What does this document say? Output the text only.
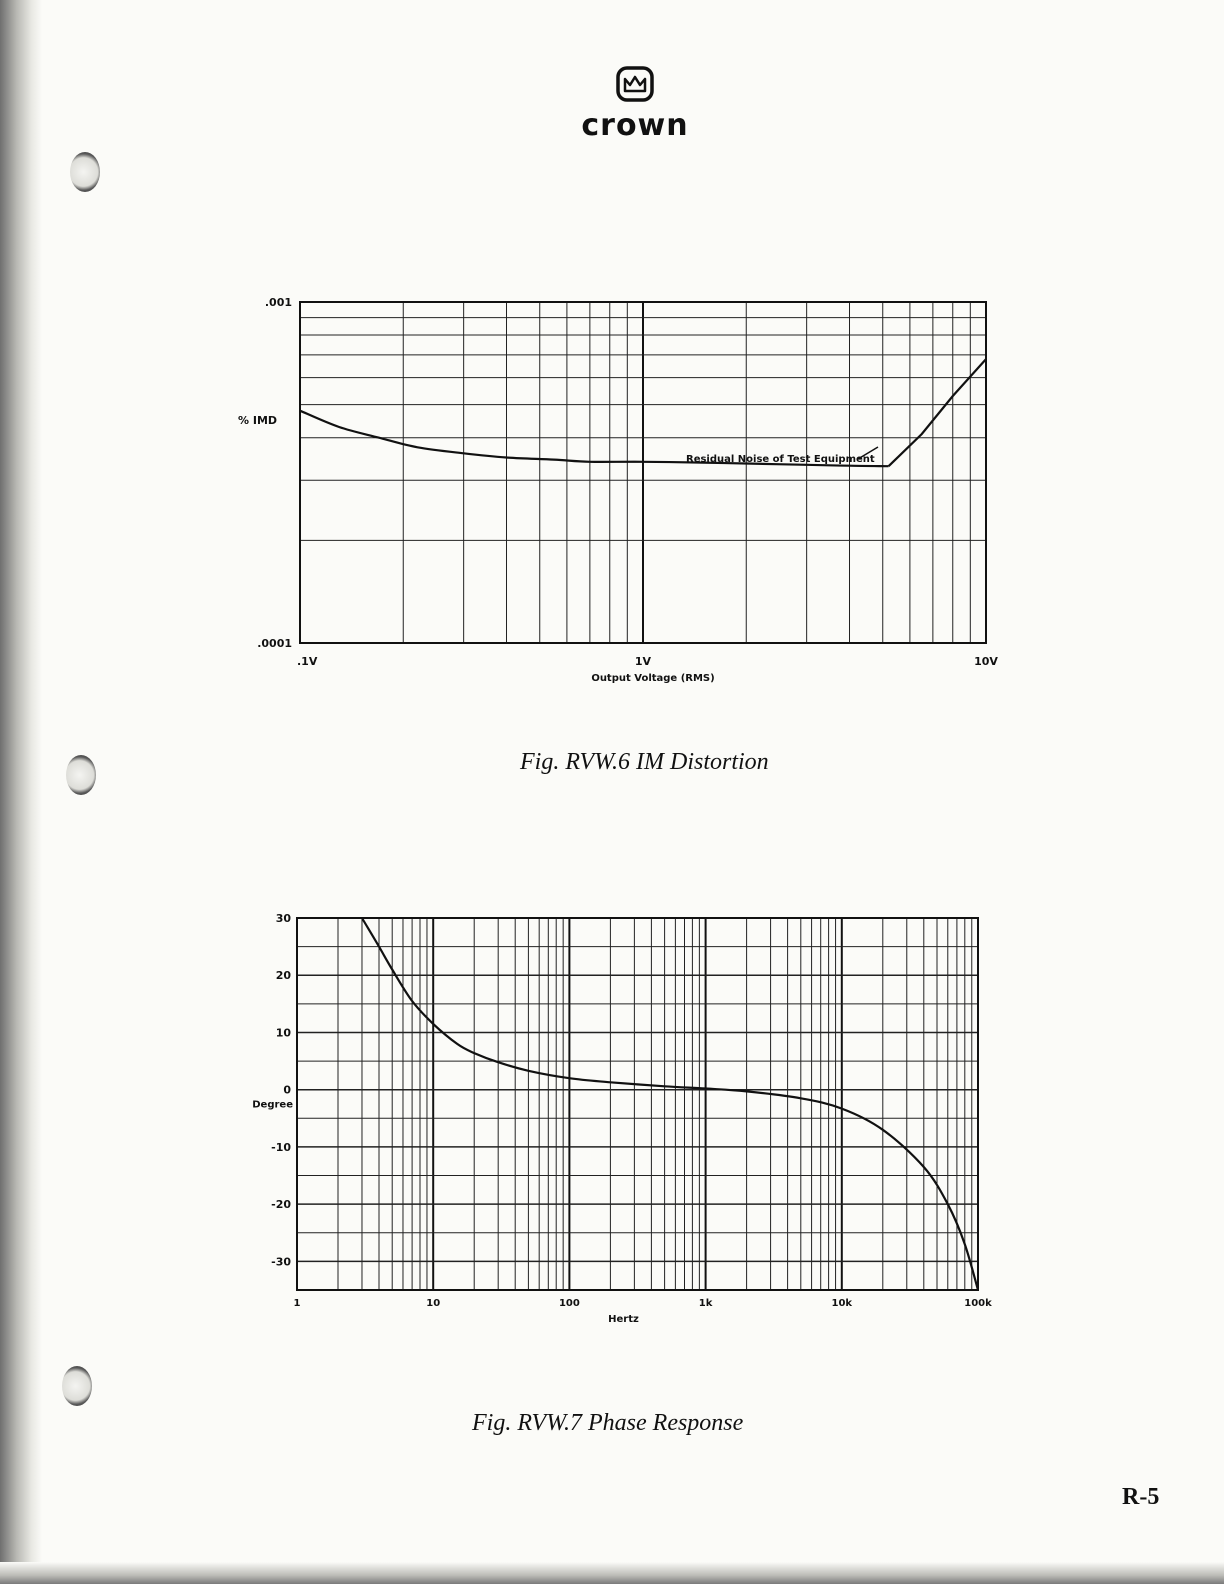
crown
.1V	1V	10V
.001
.0001
Output Voltage (RMS)
% IMD
Residual Noise of Test Equipment
1	10	100	1k	10k	100k
30
20
10
0
-10
-20
-30
Hertz
Degree
Fig. RVW.6 IM Distortion
Fig. RVW.7 Phase Response
R-5
